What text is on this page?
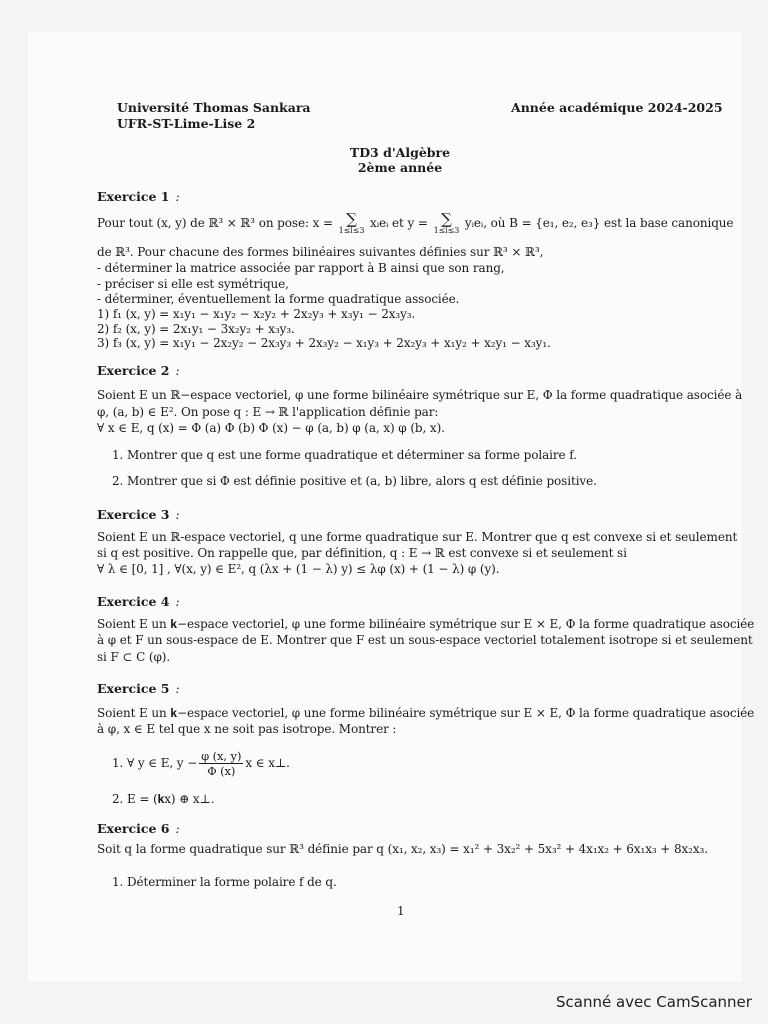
Université Thomas Sankara
UFR-ST-Lime-Lise 2
Année académique 2024-2025
TD3 d'Algèbre
2ème année
Exercice 1 :
Pour tout (x, y) de ℝ³ × ℝ³ on pose: x = ∑
1≤i≤3
xᵢeᵢ et y = ∑
1≤i≤3
yᵢeᵢ, où B = {e₁, e₂, e₃} est la base canonique
de ℝ³. Pour chacune des formes bilinéaires suivantes définies sur ℝ³ × ℝ³,
- déterminer la matrice associée par rapport à B ainsi que son rang,
- préciser si elle est symétrique,
- déterminer, éventuellement la forme quadratique associée.
1) f₁ (x, y) = x₁y₁ − x₁y₂ − x₂y₂ + 2x₂y₃ + x₃y₁ − 2x₃y₃.
2) f₂ (x, y) = 2x₁y₁ − 3x₂y₂ + x₃y₃.
3) f₃ (x, y) = x₁y₁ − 2x₂y₂ − 2x₃y₃ + 2x₃y₂ − x₁y₃ + 2x₂y₃ + x₁y₂ + x₂y₁ − x₃y₁.
Exercice 2 :
Soient E un ℝ−espace vectoriel, φ une forme bilinéaire symétrique sur E, Φ la forme quadratique asociée à
φ, (a, b) ∈ E². On pose q : E → ℝ l'application définie par:
∀ x ∈ E, q (x) = Φ (a) Φ (b) Φ (x) − φ (a, b) φ (a, x) φ (b, x).
1. Montrer que q est une forme quadratique et déterminer sa forme polaire f.
2. Montrer que si Φ est définie positive et (a, b) libre, alors q est définie positive.
Exercice 3 :
Soient E un ℝ-espace vectoriel, q une forme quadratique sur E. Montrer que q est convexe si et seulement
si q est positive. On rappelle que, par définition, q : E → ℝ est convexe si et seulement si
∀ λ ∈ [0, 1] , ∀(x, y) ∈ E², q (λx + (1 − λ) y) ≤ λφ (x) + (1 − λ) φ (y).
Exercice 4 :
Soient E un 𝐤−espace vectoriel, φ une forme bilinéaire symétrique sur E × E, Φ la forme quadratique asociée
à φ et F un sous-espace de E. Montrer que F est un sous-espace vectoriel totalement isotrope si et seulement
si F ⊂ C (φ).
Exercice 5 :
Soient E un 𝐤−espace vectoriel, φ une forme bilinéaire symétrique sur E × E, Φ la forme quadratique asociée
à φ, x ∈ E tel que x ne soit pas isotrope. Montrer :
1. ∀ y ∈ E, $y - \frac{\varphi (x, y)}{\Phi (x)}$ x ∈ x⊥.
2. E = (𝐤x) ⊕ x⊥.
Exercice 6 :
Soit q la forme quadratique sur ℝ³ définie par q (x₁, x₂, x₃) = x₁² + 3x₂² + 5x₃² + 4x₁x₂ + 6x₁x₃ + 8x₂x₃.
1. Déterminer la forme polaire f de q.
1
Scanné avec CamScanner
